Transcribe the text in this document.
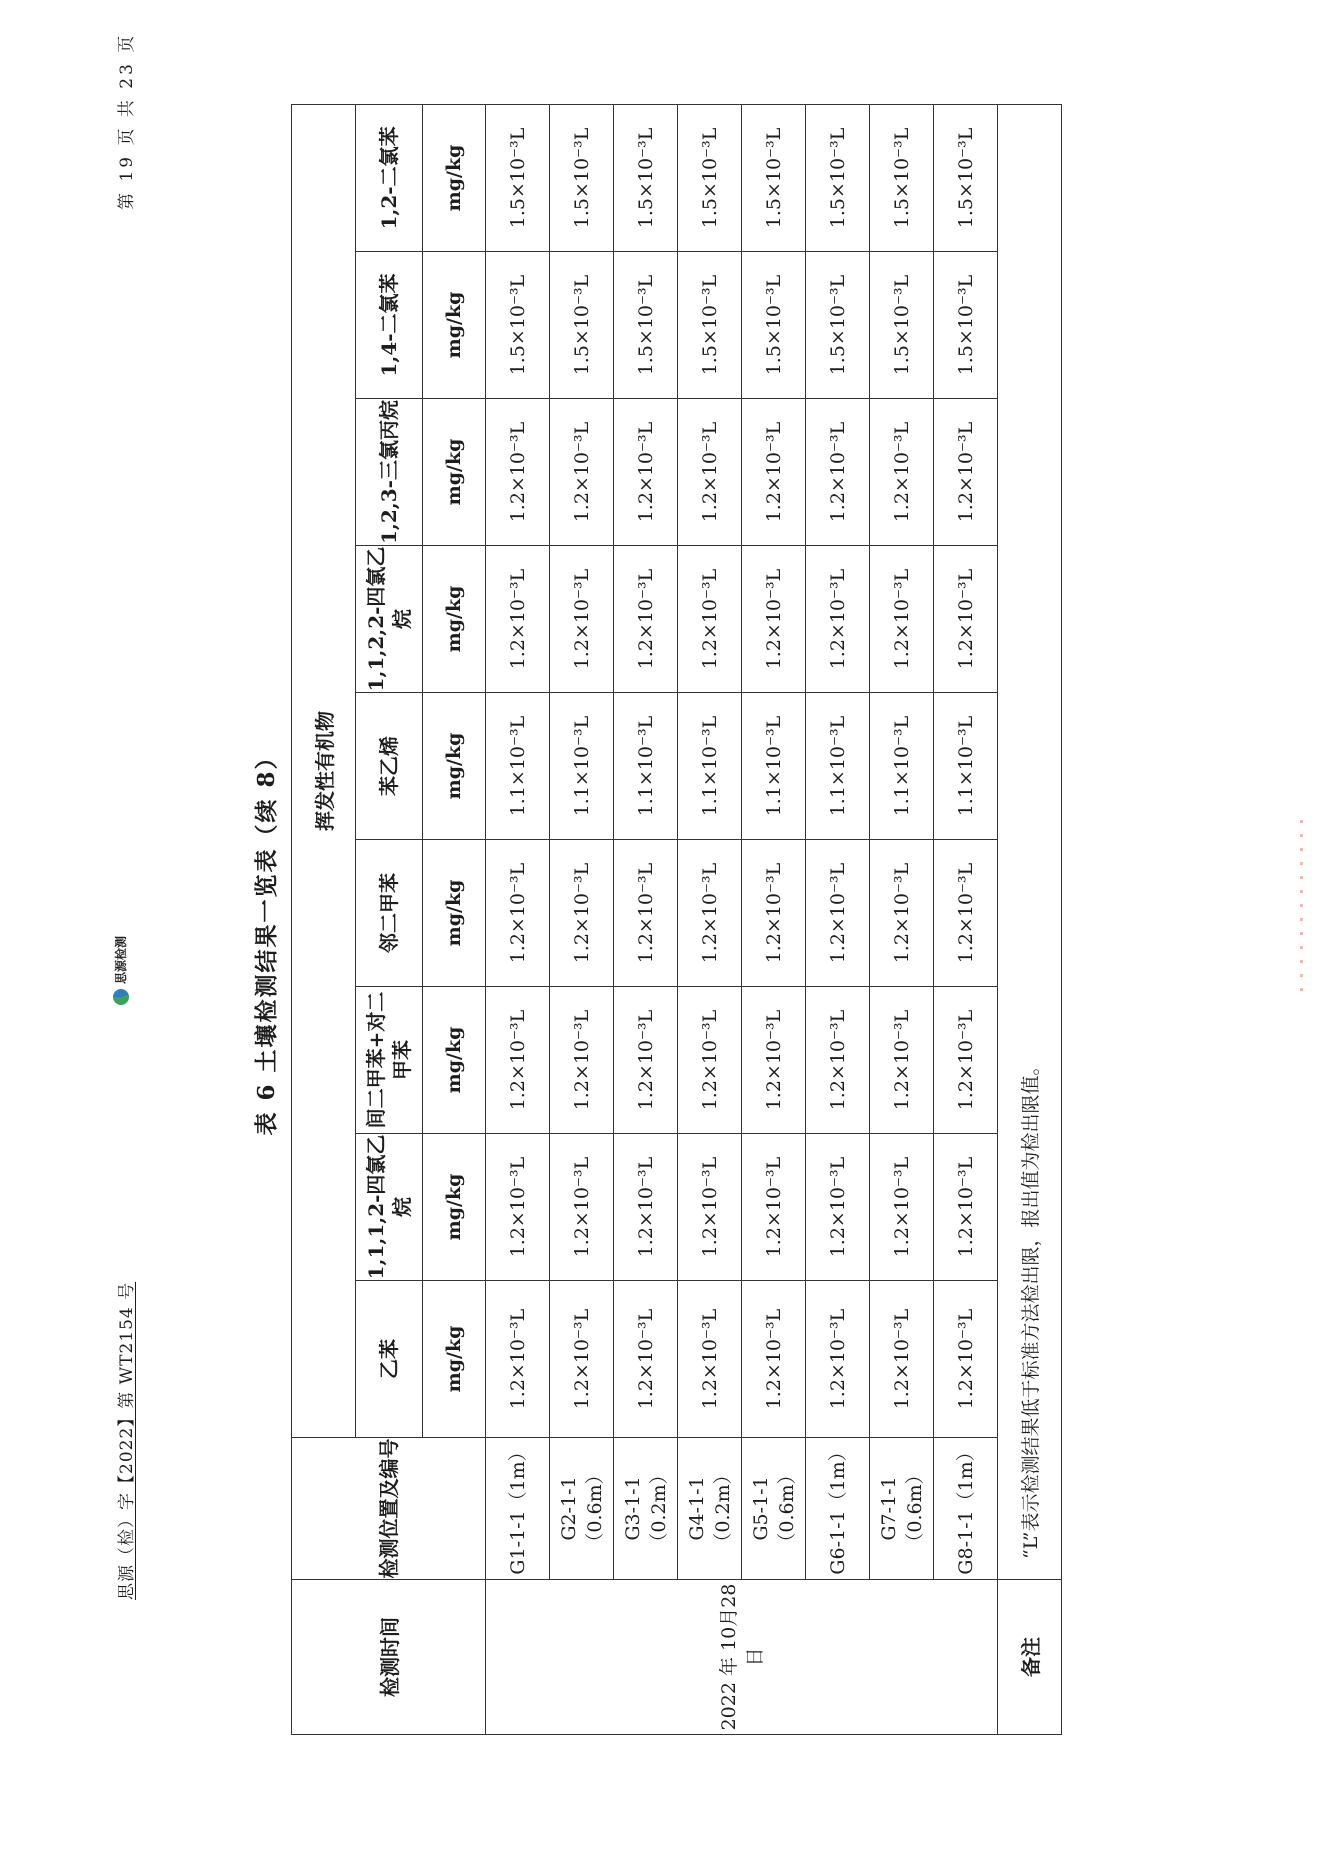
思源（检）字【2022】第 WT2154 号
第 19 页 共 23 页
思源检测	表 6 土壤检测结果一览表（续 8）
检测时间	检测位置及编号	挥发性有机物								
		乙苯	1,1,1,2-四氯乙烷	间二甲苯+对二甲苯	邻二甲苯	苯乙烯	1,1,2,2-四氯乙烷	1,2,3-三氯丙烷	1,4-二氯苯	1,2-二氯苯
		mg/kg	mg/kg	mg/kg	mg/kg	mg/kg	mg/kg	mg/kg	mg/kg	mg/kg
2022 年 10月28日	G1-1-1（1m）	1.2×10⁻³L	1.2×10⁻³L	1.2×10⁻³L	1.2×10⁻³L	1.1×10⁻³L	1.2×10⁻³L	1.2×10⁻³L	1.5×10⁻³L	1.5×10⁻³L
	G2-1-1（0.6m）	1.2×10⁻³L	1.2×10⁻³L	1.2×10⁻³L	1.2×10⁻³L	1.1×10⁻³L	1.2×10⁻³L	1.2×10⁻³L	1.5×10⁻³L	1.5×10⁻³L
	G3-1-1（0.2m）	1.2×10⁻³L	1.2×10⁻³L	1.2×10⁻³L	1.2×10⁻³L	1.1×10⁻³L	1.2×10⁻³L	1.2×10⁻³L	1.5×10⁻³L	1.5×10⁻³L
	G4-1-1（0.2m）	1.2×10⁻³L	1.2×10⁻³L	1.2×10⁻³L	1.2×10⁻³L	1.1×10⁻³L	1.2×10⁻³L	1.2×10⁻³L	1.5×10⁻³L	1.5×10⁻³L
	G5-1-1（0.6m）	1.2×10⁻³L	1.2×10⁻³L	1.2×10⁻³L	1.2×10⁻³L	1.1×10⁻³L	1.2×10⁻³L	1.2×10⁻³L	1.5×10⁻³L	1.5×10⁻³L
	G6-1-1（1m）	1.2×10⁻³L	1.2×10⁻³L	1.2×10⁻³L	1.2×10⁻³L	1.1×10⁻³L	1.2×10⁻³L	1.2×10⁻³L	1.5×10⁻³L	1.5×10⁻³L
	G7-1-1（0.6m）	1.2×10⁻³L	1.2×10⁻³L	1.2×10⁻³L	1.2×10⁻³L	1.1×10⁻³L	1.2×10⁻³L	1.2×10⁻³L	1.5×10⁻³L	1.5×10⁻³L
	G8-1-1（1m）	1.2×10⁻³L	1.2×10⁻³L	1.2×10⁻³L	1.2×10⁻³L	1.1×10⁻³L	1.2×10⁻³L	1.2×10⁻³L	1.5×10⁻³L	1.5×10⁻³L
备注	“L”表示检测结果低于标准方法检出限，报出值为检出限值。									
